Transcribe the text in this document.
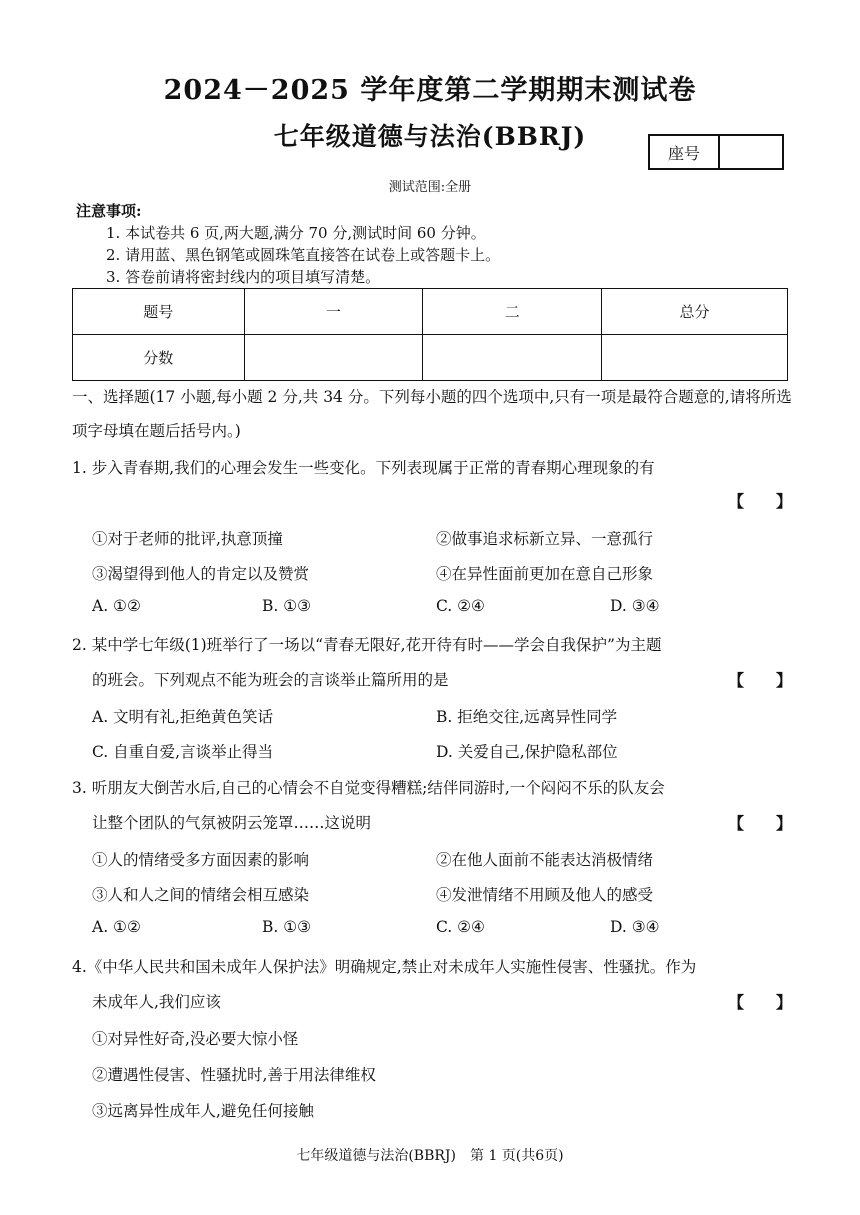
2024－2025 学年度第二学期期末测试卷
七年级道德与法治(BBRJ)
座号
测试范围:全册
注意事项:
1. 本试卷共 6 页,两大题,满分 70 分,测试时间 60 分钟。
2. 请用蓝、黑色钢笔或圆珠笔直接答在试卷上或答题卡上。
3. 答卷前请将密封线内的项目填写清楚。
题号	一	二	总分
分数			
一、选择题(17 小题,每小题 2 分,共 34 分。下列每小题的四个选项中,只有一项是最符合题意的,请将所选项字母填在题后括号内。)
1. 步入青春期,我们的心理会发生一些变化。下列表现属于正常的青春期心理现象的有
【　　】
①对于老师的批评,执意顶撞	②做事追求标新立异、一意孤行
③渴望得到他人的肯定以及赞赏	④在异性面前更加在意自己形象
A. ①②	B. ①③	C. ②④	D. ③④
2. 某中学七年级(1)班举行了一场以“青春无限好,花开待有时——学会自我保护”为主题
的班会。下列观点不能为班会的言谈举止篇所用的是	【　　】
A. 文明有礼,拒绝黄色笑话	B. 拒绝交往,远离异性同学
C. 自重自爱,言谈举止得当	D. 关爱自己,保护隐私部位
3. 听朋友大倒苦水后,自己的心情会不自觉变得糟糕;结伴同游时,一个闷闷不乐的队友会
让整个团队的气氛被阴云笼罩……这说明	【　　】
①人的情绪受多方面因素的影响	②在他人面前不能表达消极情绪
③人和人之间的情绪会相互感染	④发泄情绪不用顾及他人的感受
A. ①②	B. ①③	C. ②④	D. ③④
4.《中华人民共和国未成年人保护法》明确规定,禁止对未成年人实施性侵害、性骚扰。作为
未成年人,我们应该	【　　】
①对异性好奇,没必要大惊小怪
②遭遇性侵害、性骚扰时,善于用法律维权
③远离异性成年人,避免任何接触
七年级道德与法治(BBRJ)　第 1 页(共6页)
